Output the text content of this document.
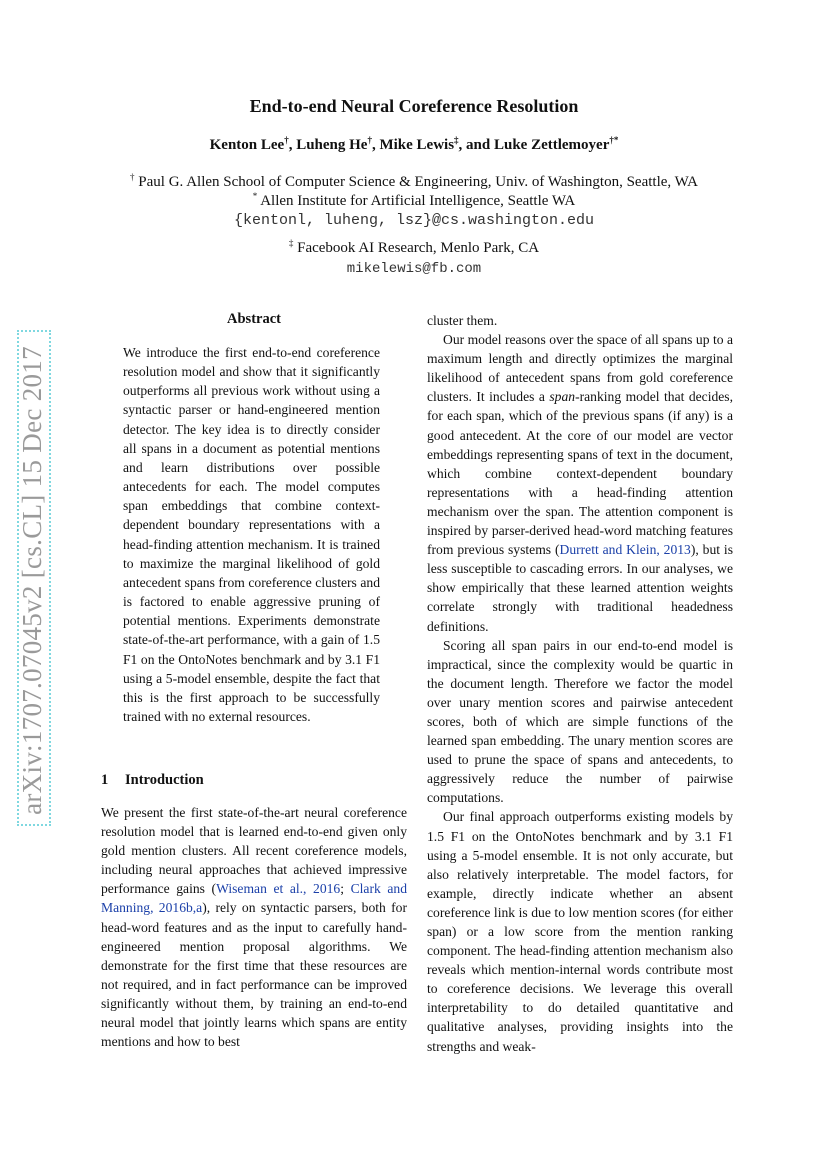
arXiv:1707.07045v2 [cs.CL] 15 Dec 2017
End-to-end Neural Coreference Resolution
Kenton Lee†, Luheng He†, Mike Lewis‡, and Luke Zettlemoyer†*
† Paul G. Allen School of Computer Science & Engineering, Univ. of Washington, Seattle, WA
* Allen Institute for Artificial Intelligence, Seattle WA
{kentonl, luheng, lsz}@cs.washington.edu
‡ Facebook AI Research, Menlo Park, CA
mikelewis@fb.com
Abstract
We introduce the first end-to-end coreference resolution model and show that it significantly outperforms all previous work without using a syntactic parser or hand-engineered mention detector. The key idea is to directly consider all spans in a document as potential mentions and learn distributions over possible antecedents for each. The model computes span embeddings that combine context-dependent boundary representations with a head-finding attention mechanism. It is trained to maximize the marginal likelihood of gold antecedent spans from coreference clusters and is factored to enable aggressive pruning of potential mentions. Experiments demonstrate state-of-the-art performance, with a gain of 1.5 F1 on the OntoNotes benchmark and by 3.1 F1 using a 5-model ensemble, despite the fact that this is the first approach to be successfully trained with no external resources.
1 Introduction
We present the first state-of-the-art neural coreference resolution model that is learned end-to-end given only gold mention clusters. All recent coreference models, including neural approaches that achieved impressive performance gains (Wiseman et al., 2016; Clark and Manning, 2016b,a), rely on syntactic parsers, both for head-word features and as the input to carefully hand-engineered mention proposal algorithms. We demonstrate for the first time that these resources are not required, and in fact performance can be improved significantly without them, by training an end-to-end neural model that jointly learns which spans are entity mentions and how to best

cluster them.

Our model reasons over the space of all spans up to a maximum length and directly optimizes the marginal likelihood of antecedent spans from gold coreference clusters. It includes a span-ranking model that decides, for each span, which of the previous spans (if any) is a good antecedent. At the core of our model are vector embeddings representing spans of text in the document, which combine context-dependent boundary representations with a head-finding attention mechanism over the span. The attention component is inspired by parser-derived head-word matching features from previous systems (Durrett and Klein, 2013), but is less susceptible to cascading errors. In our analyses, we show empirically that these learned attention weights correlate strongly with traditional headedness definitions.

Scoring all span pairs in our end-to-end model is impractical, since the complexity would be quartic in the document length. Therefore we factor the model over unary mention scores and pairwise antecedent scores, both of which are simple functions of the learned span embedding. The unary mention scores are used to prune the space of spans and antecedents, to aggressively reduce the number of pairwise computations.

Our final approach outperforms existing models by 1.5 F1 on the OntoNotes benchmark and by 3.1 F1 using a 5-model ensemble. It is not only accurate, but also relatively interpretable. The model factors, for example, directly indicate whether an absent coreference link is due to low mention scores (for either span) or a low score from the mention ranking component. The head-finding attention mechanism also reveals which mention-internal words contribute most to coreference decisions. We leverage this overall interpretability to do detailed quantitative and qualitative analyses, providing insights into the strengths and weak-
